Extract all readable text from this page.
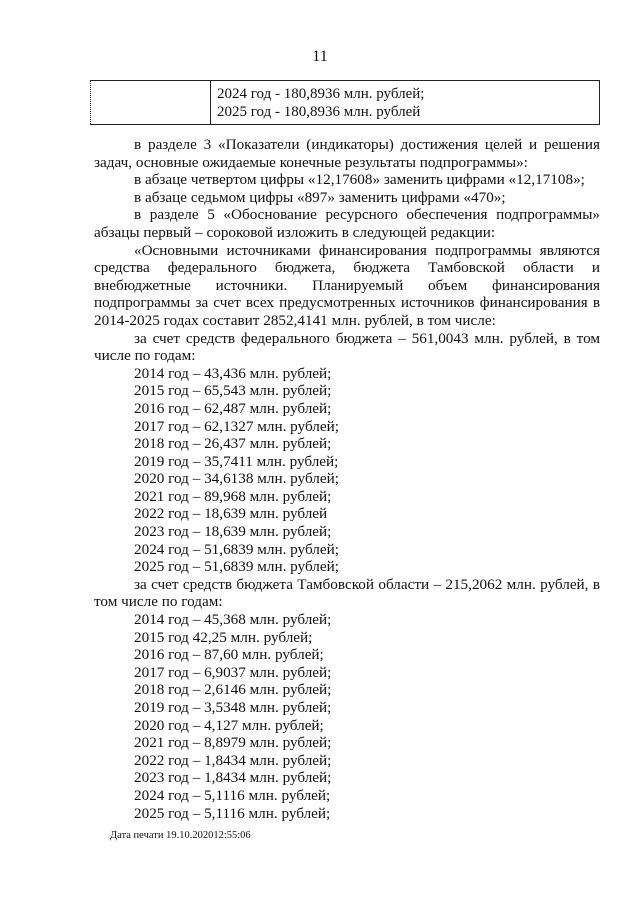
11

2024 год - 180,8936 млн. рублей;
2025 год - 180,8936 млн. рублей

в разделе 3 «Показатели (индикаторы) достижения целей и решения

задач, основные ожидаемые конечные результаты подпрограммы»:

в абзаце четвертом цифры «12,17608» заменить цифрами «12,17108»;

в абзаце седьмом цифры «897» заменить цифрами «470»;

в разделе 5 «Обоснование ресурсного обеспечения подпрограммы»

абзацы первый – сороковой изложить в следующей редакции:

«Основными источниками финансирования подпрограммы являются

средства федерального бюджета, бюджета Тамбовской области и

внебюджетные источники. Планируемый объем финансирования

подпрограммы за счет всех предусмотренных источников финансирования в

2014-2025 годах составит 2852,4141 млн. рублей, в том числе:

за счет средств федерального бюджета – 561,0043 млн. рублей, в том

числе по годам:

2014 год – 43,436 млн. рублей;

2015 год – 65,543 млн. рублей;

2016 год – 62,487 млн. рублей;

2017 год – 62,1327 млн. рублей;

2018 год – 26,437 млн. рублей;

2019 год – 35,7411 млн. рублей;

2020 год – 34,6138 млн. рублей;

2021 год – 89,968 млн. рублей;

2022 год – 18,639 млн. рублей

2023 год – 18,639 млн. рублей;

2024 год – 51,6839 млн. рублей;

2025 год – 51,6839 млн. рублей;

за счет средств бюджета Тамбовской области – 215,2062 млн. рублей, в

том числе по годам:

2014 год – 45,368 млн. рублей;

2015 год 42,25 млн. рублей;

2016 год – 87,60 млн. рублей;

2017 год – 6,9037 млн. рублей;

2018 год – 2,6146 млн. рублей;

2019 год – 3,5348 млн. рублей;

2020 год – 4,127 млн. рублей;

2021 год – 8,8979 млн. рублей;

2022 год – 1,8434 млн. рублей;

2023 год – 1,8434 млн. рублей;

2024 год – 5,1116 млн. рублей;

2025 год – 5,1116 млн. рублей;

Дата печати 19.10.202012:55:06
